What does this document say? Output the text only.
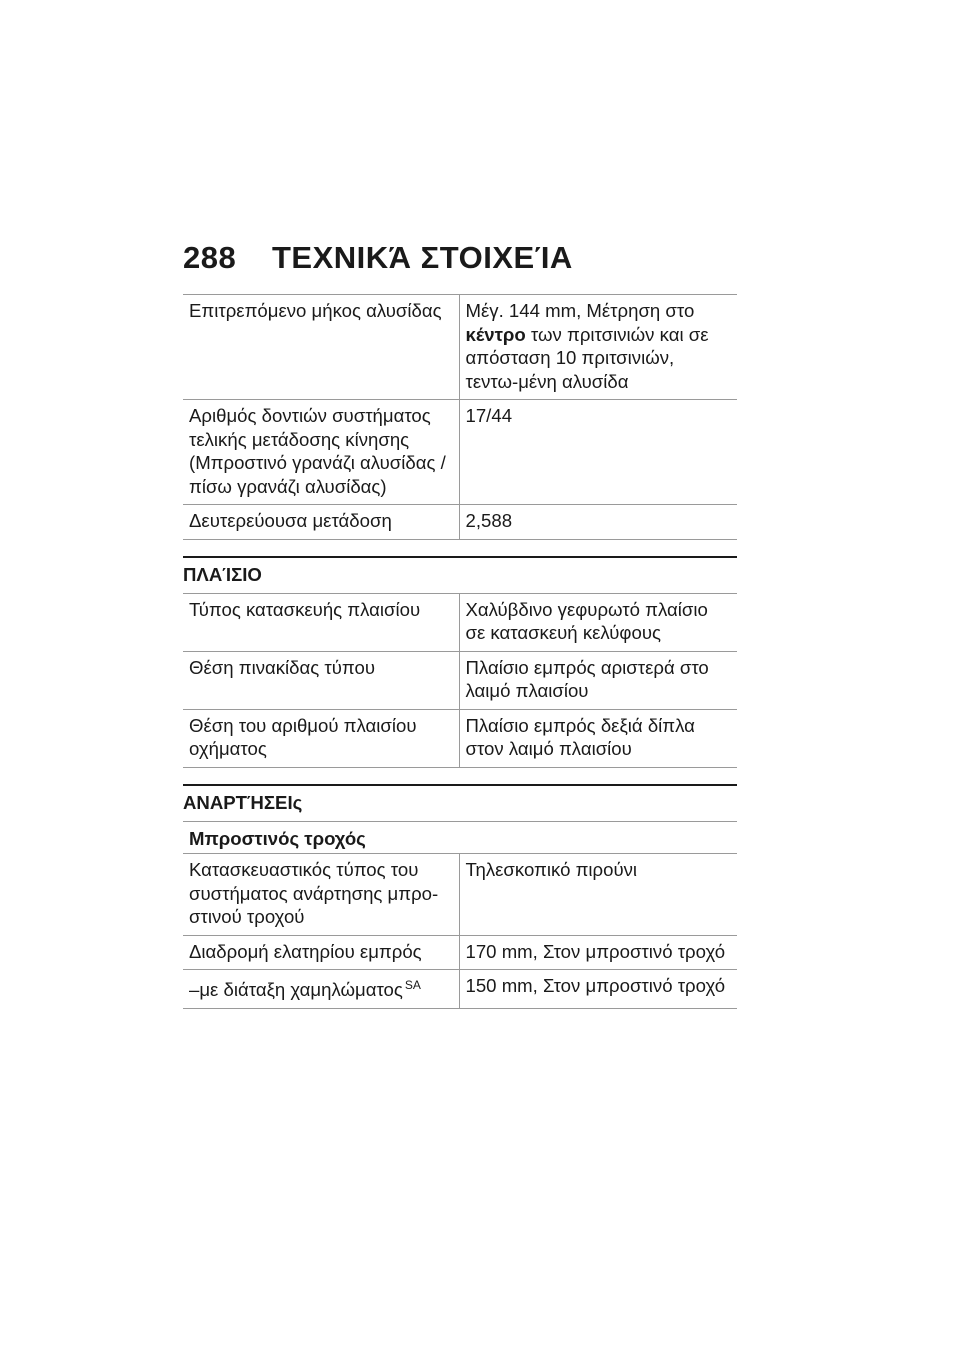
288 ΤΕΧΝΙΚΆ ΣΤΟΙΧΕΊΑ
Επιτρεπόμενο μήκος αλυσίδας	Μέγ. 144 mm, Μέτρηση στο κέντρο των πριτσινιών και σε απόσταση 10 πριτσινιών, τεντω-μένη αλυσίδα
Αριθμός δοντιών συστήματος τελικής μετάδοσης κίνησης (Μπροστινό γρανάζι αλυσίδας / πίσω γρανάζι αλυσίδας)	17/44
Δευτερεύουσα μετάδοση	2,588
ΠΛΑΊΣΙΟ
Τύπος κατασκευής πλαισίου	Χαλύβδινο γεφυρωτό πλαίσιο σε κατασκευή κελύφους
Θέση πινακίδας τύπου	Πλαίσιο εμπρός αριστερά στο λαιμό πλαισίου
Θέση του αριθμού πλαισίου οχήματος	Πλαίσιο εμπρός δεξιά δίπλα στον λαιμό πλαισίου
ΑΝΑΡΤΉΣΕΙς
Μπροστινός τροχός	
Κατασκευαστικός τύπος του συστήματος ανάρτησης μπρο-στινού τροχού	Τηλεσκοπικό πιρούνι
Διαδρομή ελατηρίου εμπρός	170 mm, Στον μπροστινό τροχό
–με διάταξη χαμηλώματος $^{SA}$	150 mm, Στον μπροστινό τροχό
